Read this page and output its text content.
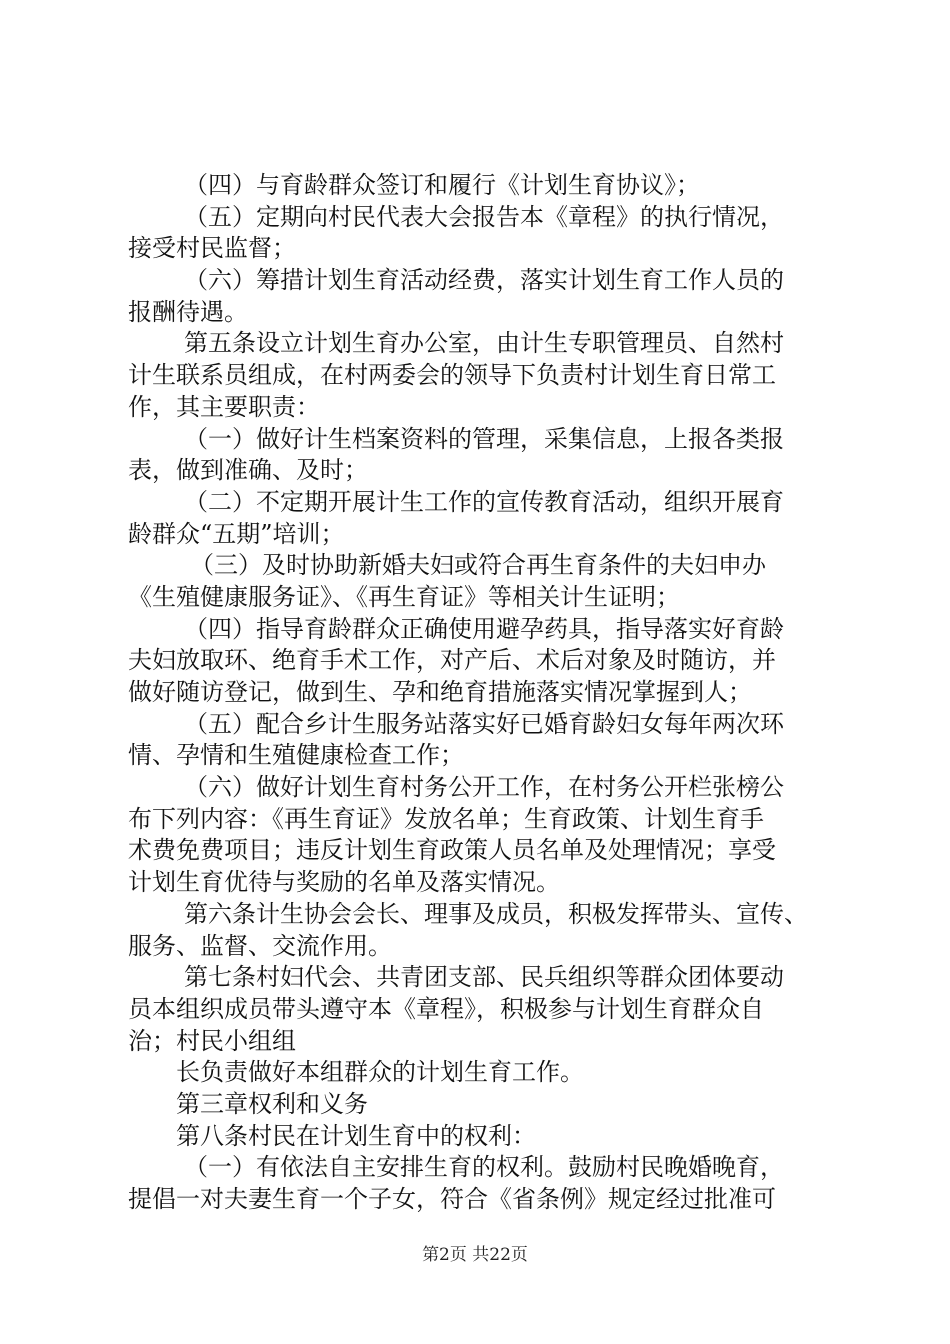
（四）与育龄群众签订和履行《计划生育协议》；
（五）定期向村民代表大会报告本《章程》的执行情况，
接受村民监督；
（六）筹措计划生育活动经费，落实计划生育工作人员的
报酬待遇。
第五条设立计划生育办公室，由计生专职管理员、自然村
计生联系员组成，在村两委会的领导下负责村计划生育日常工
作，其主要职责：
（一）做好计生档案资料的管理，采集信息，上报各类报
表，做到准确、及时；
（二）不定期开展计生工作的宣传教育活动，组织开展育
龄群众“五期”培训；
（三）及时协助新婚夫妇或符合再生育条件的夫妇申办
《生殖健康服务证》、《再生育证》等相关计生证明；
（四）指导育龄群众正确使用避孕药具，指导落实好育龄
夫妇放取环、绝育手术工作，对产后、术后对象及时随访，并
做好随访登记，做到生、孕和绝育措施落实情况掌握到人；
（五）配合乡计生服务站落实好已婚育龄妇女每年两次环
情、孕情和生殖健康检查工作；
（六）做好计划生育村务公开工作，在村务公开栏张榜公
布下列内容：《再生育证》发放名单；生育政策、计划生育手
术费免费项目；违反计划生育政策人员名单及处理情况；享受
计划生育优待与奖励的名单及落实情况。
第六条计生协会会长、理事及成员，积极发挥带头、宣传、
服务、监督、交流作用。
第七条村妇代会、共青团支部、民兵组织等群众团体要动
员本组织成员带头遵守本《章程》，积极参与计划生育群众自
治；村民小组组
长负责做好本组群众的计划生育工作。
第三章权利和义务
第八条村民在计划生育中的权利：
（一）有依法自主安排生育的权利。鼓励村民晚婚晚育，
提倡一对夫妻生育一个子女，符合《省条例》规定经过批准可
第2页 共22页
